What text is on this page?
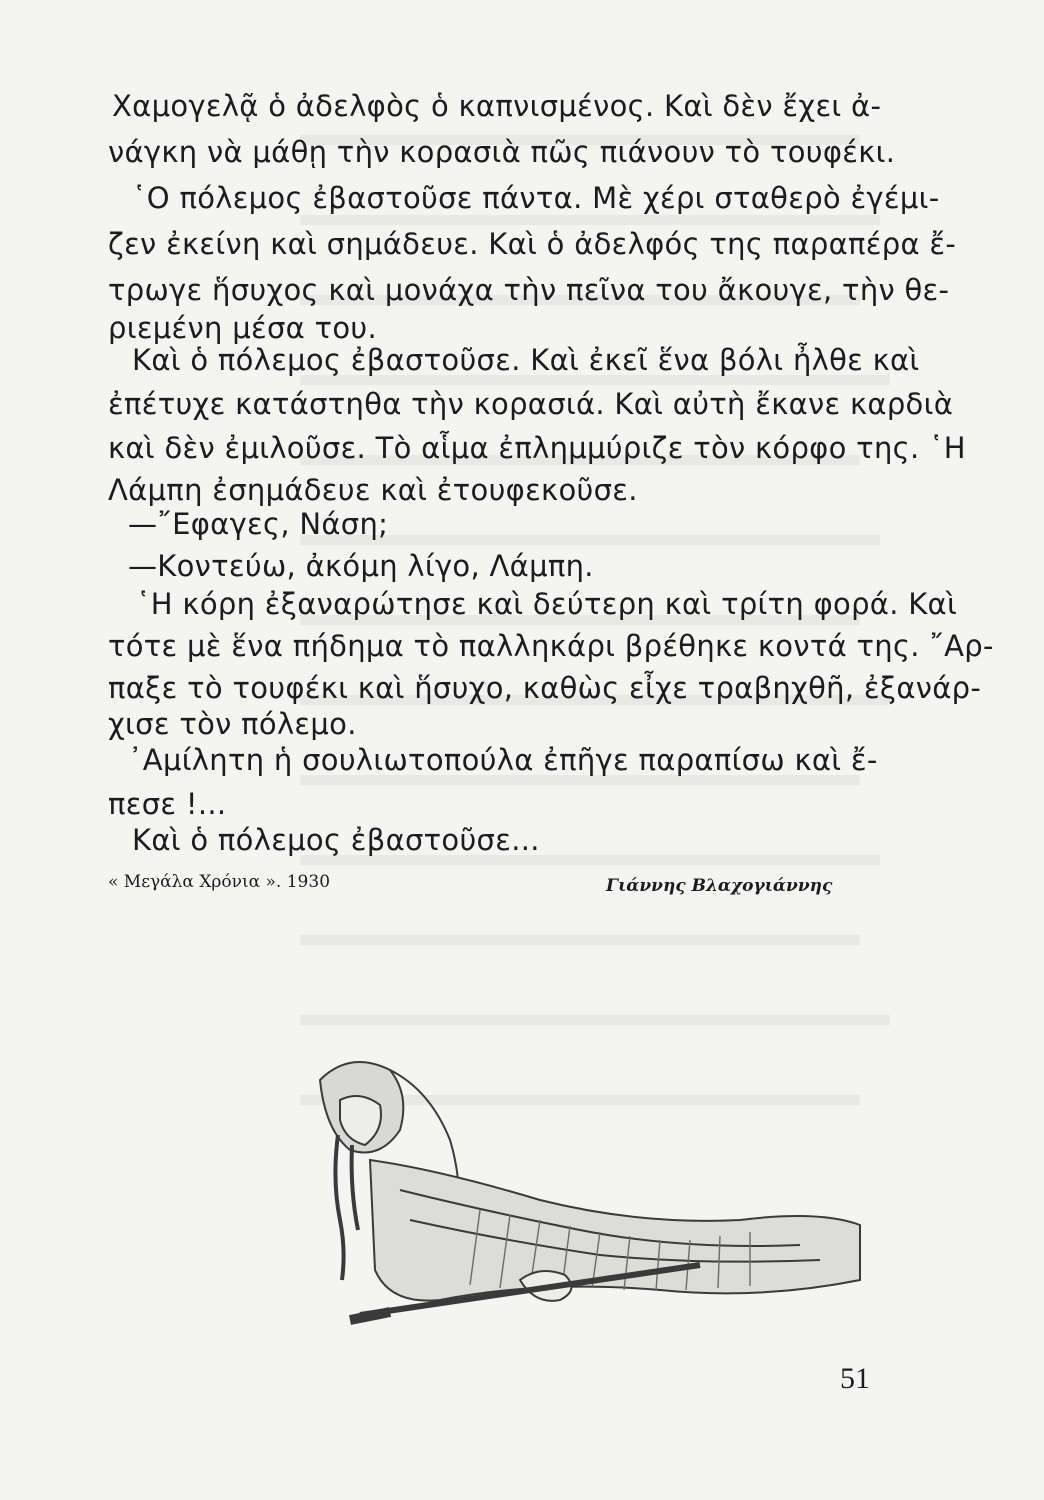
Χαμογελᾷ ὁ ἀδελφὸς ὁ καπνισμένος. Καὶ δὲν ἔχει ἀ-
νάγκη νὰ μάθῃ τὴν κορασιὰ πῶς πιάνουν τὸ τουφέκι.
῾Ο πόλεμος ἐβαστοῦσε πάντα. Μὲ χέρι σταθερὸ ἐγέμι-
ζεν ἐκείνη καὶ σημάδευε. Καὶ ὁ ἀδελφός της παραπέρα ἔ-
τρωγε ἥσυχος καὶ μονάχα τὴν πεῖνα του ἄκουγε, τὴν θε-
ριεμένη μέσα του.
Καὶ ὁ πόλεμος ἐβαστοῦσε. Καὶ ἐκεῖ ἕνα βόλι ἦλθε καὶ
ἐπέτυχε κατάστηθα τὴν κορασιά. Καὶ αὐτὴ ἔκανε καρδιὰ
καὶ δὲν ἐμιλοῦσε. Τὸ αἷμα ἐπλημμύριζε τὸν κόρφο της. ῾Η
Λάμπη ἐσημάδευε καὶ ἐτουφεκοῦσε.
—῎Εφαγες, Νάση;
—Κοντεύω, ἀκόμη λίγο, Λάμπη.
῾Η κόρη ἐξαναρώτησε καὶ δεύτερη καὶ τρίτη φορά. Καὶ
τότε μὲ ἕνα πήδημα τὸ παλληκάρι βρέθηκε κοντά της. ῎Αρ-
παξε τὸ τουφέκι καὶ ἥσυχο, καθὼς εἶχε τραβηχθῆ, ἐξανάρ-
χισε τὸν πόλεμο.
᾿Αμίλητη ἡ σουλιωτοπούλα ἐπῆγε παραπίσω καὶ ἔ-
πεσε !...
Καὶ ὁ πόλεμος ἐβαστοῦσε...
« Μεγάλα Χρόνια ». 1930	Γιάννης Βλαχογιάννης
51
